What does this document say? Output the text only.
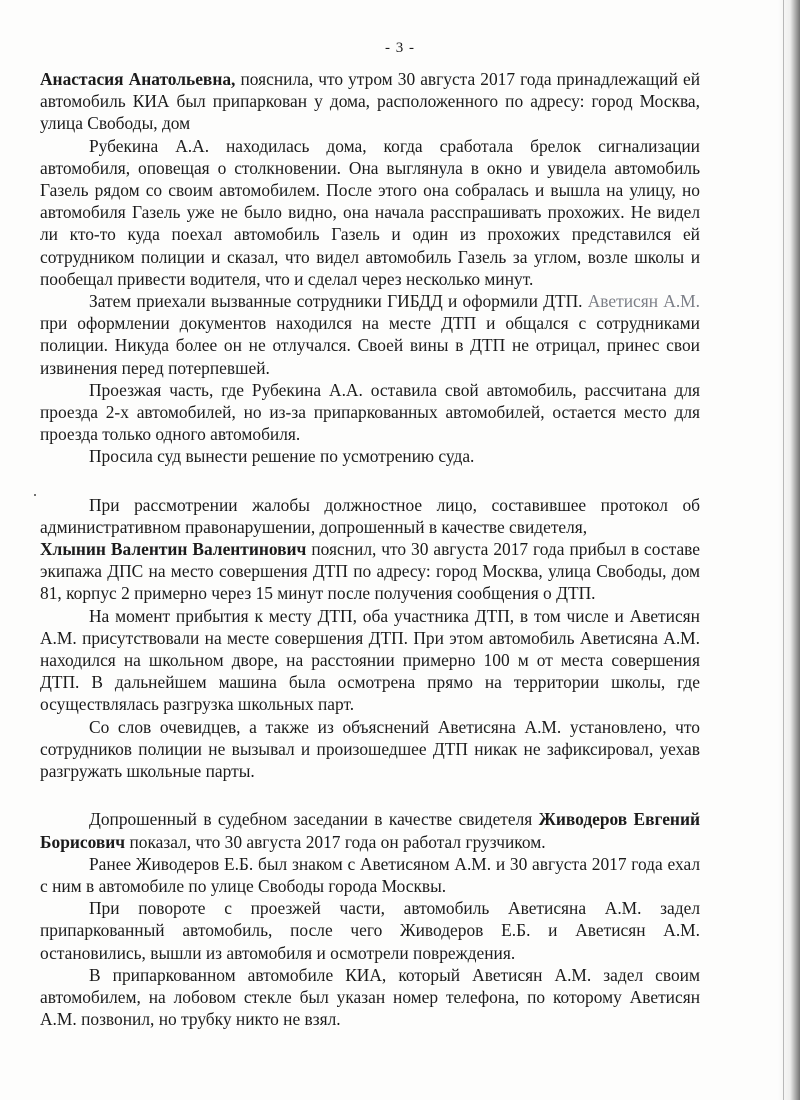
- 3 -

Анастасия Анатольевна, пояснила, что утром 30 августа 2017 года принадлежащий ей автомобиль КИА был припаркован у дома, расположенного по адресу: город Москва, улица Свободы, дом

Рубекина А.А. находилась дома, когда сработала брелок сигнализации автомобиля, оповещая о столкновении. Она выглянула в окно и увидела автомобиль Газель рядом со своим автомобилем. После этого она собралась и вышла на улицу, но автомобиля Газель уже не было видно, она начала расспрашивать прохожих. Не видел ли кто-то куда поехал автомобиль Газель и один из прохожих представился ей сотрудником полиции и сказал, что видел автомобиль Газель за углом, возле школы и пообещал привести водителя, что и сделал через несколько минут.

Затем приехали вызванные сотрудники ГИБДД и оформили ДТП. Аветисян А.М. при оформлении документов находился на месте ДТП и общался с сотрудниками полиции. Никуда более он не отлучался. Своей вины в ДТП не отрицал, принес свои извинения перед потерпевшей.

Проезжая часть, где Рубекина А.А. оставила свой автомобиль, рассчитана для проезда 2-х автомобилей, но из-за припаркованных автомобилей, остается место для проезда только одного автомобиля.

Просила суд вынести решение по усмотрению суда.

При рассмотрении жалобы должностное лицо, составившее протокол об административном правонарушении, допрошенный в качестве свидетеля,

Хлынин Валентин Валентинович пояснил, что 30 августа 2017 года прибыл в составе экипажа ДПС на место совершения ДТП по адресу: город Москва, улица Свободы, дом 81, корпус 2 примерно через 15 минут после получения сообщения о ДТП.

На момент прибытия к месту ДТП, оба участника ДТП, в том числе и Аветисян А.М. присутствовали на месте совершения ДТП. При этом автомобиль Аветисяна А.М. находился на школьном дворе, на расстоянии примерно 100 м от места совершения ДТП. В дальнейшем машина была осмотрена прямо на территории школы, где осуществлялась разгрузка школьных парт.

Со слов очевидцев, а также из объяснений Аветисяна А.М. установлено, что сотрудников полиции не вызывал и произошедшее ДТП никак не зафиксировал, уехав разгружать школьные парты.

Допрошенный в судебном заседании в качестве свидетеля Живодеров Евгений Борисович показал, что 30 августа 2017 года он работал грузчиком.

Ранее Живодеров Е.Б. был знаком с Аветисяном А.М. и 30 августа 2017 года ехал с ним в автомобиле по улице Свободы города Москвы.

При повороте с проезжей части, автомобиль Аветисяна А.М. задел припаркованный автомобиль, после чего Живодеров Е.Б. и Аветисян А.М. остановились, вышли из автомобиля и осмотрели повреждения.

В припаркованном автомобиле КИА, который Аветисян А.М. задел своим автомобилем, на лобовом стекле был указан номер телефона, по которому Аветисян А.М. позвонил, но трубку никто не взял.
